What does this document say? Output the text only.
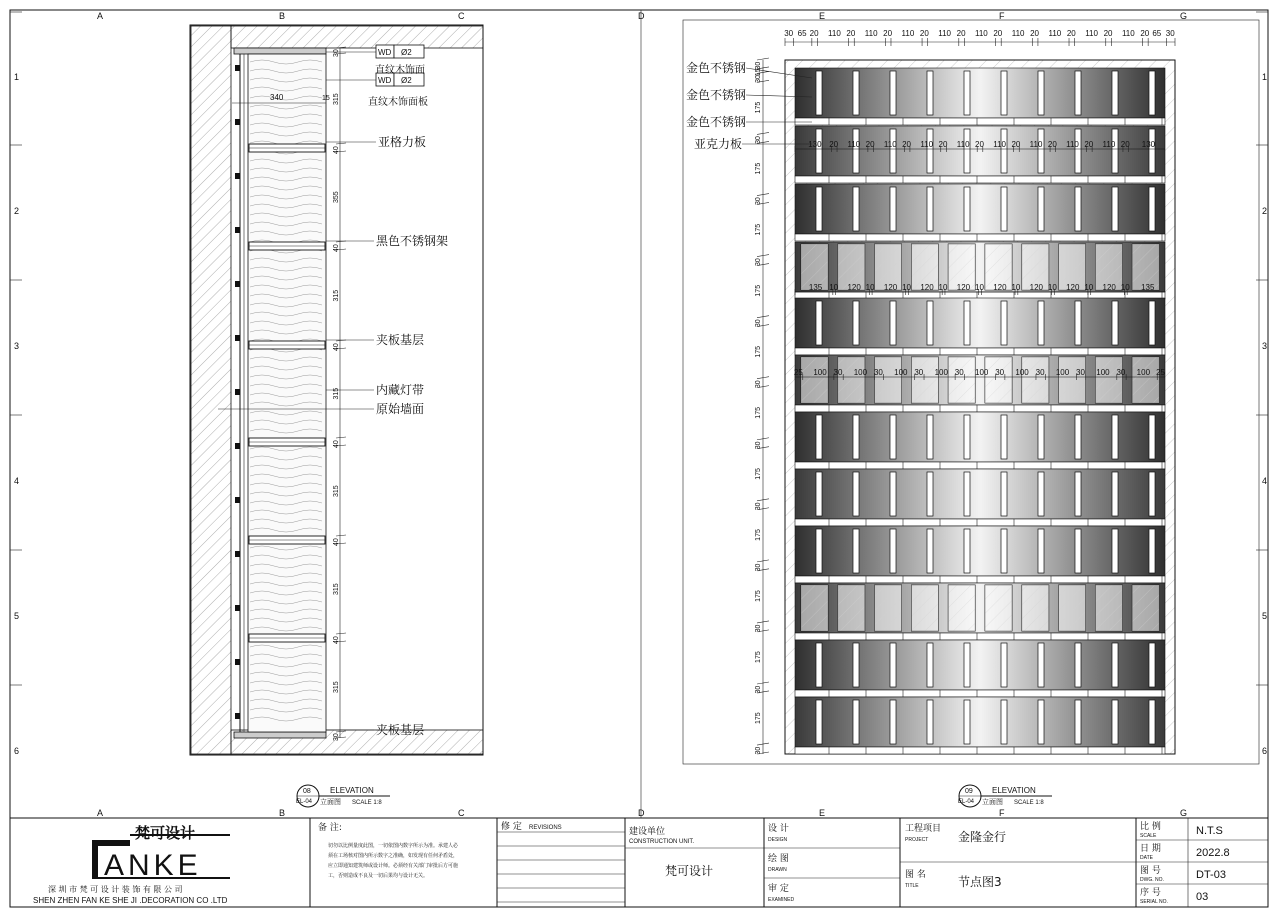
A	B	C	D	E	F	G
A	B	C	D	E	F	G
1	1
2	2
3	3
4	4
5	5
6	6
30
315
40
355
40
315
40
315
40
315
40
315
40
315
30
340	15
WD Ø2
WD Ø2
直纹木饰面
直纹木饰面板
亚格力板
黑色不锈钢架
夹板基层
内藏灯带
原始墙面
夹板基层
30 65 20 110 20 110 20 110 20 110 20 110 20 110 20 110 20 110 20 110 20 65 30
30
15
30
175
30
175
30
175
30
175
30
175
30
175
30
175
30
175
30
175
30
175
30
175
30
130 20 110 20 110 20 110 20 110 20 110 20 110 20 110 20 110 20 130
135 10 120 10 120 10 120 10 120 10 120 10 120 10 120 10 120 10 135
25 100 30 100 30 100 30 100 30 100 30 100 30 100 30 100 30 100 25
金色不锈钢
金色不锈钢
金色不锈钢
亚克力板
08
EL-04
ELEVATION
立面图 SCALE 1:8
09
EL-04
ELEVATION
立面图 SCALE 1:8
梵可设计
ANKE
深 圳 市 梵 可 设 计 装 饰 有 限 公 司
SHEN ZHEN FAN KE SHE JI .DECORATION CO .LTD
备 注:
切勿以比例量度此图，一切依图内数字所示为准。承建人必
须在工场核对图内所示数字之准确，如发现有任何矛盾处，
应立即通知建筑师或设计师。必须经有关部门审批后方可施
工，否则造成不良及一切后果均与设计无关。
修 定 REVISIONS	建设单位
CONSTRUCTION UNIT.
梵可设计
设 计
DESIGN
绘 图
DRAWN
审 定
EXAMINED
工程项目
PROJECT 金隆金行
图 名
TITLE	节点图3
比 例
SCALE	N.T.S
日 期
DATE	2022.8
图 号
DWG. NO.	DT-03
序 号
SERIAL NO.	03
